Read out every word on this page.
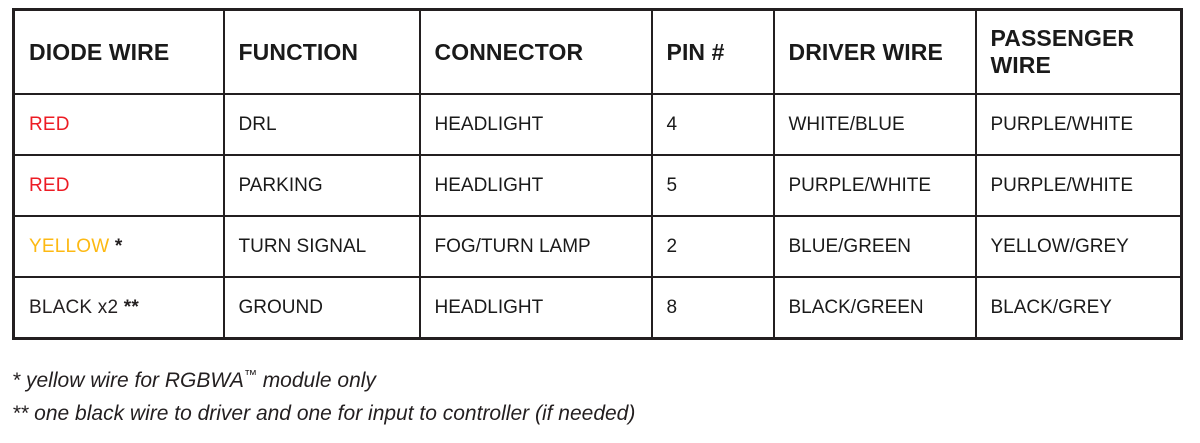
DIODE WIRE	FUNCTION	CONNECTOR	PIN #	DRIVER WIRE	PASSENGER WIRE
RED	DRL	HEADLIGHT	4	WHITE/BLUE	PURPLE/WHITE
RED	PARKING	HEADLIGHT	5	PURPLE/WHITE	PURPLE/WHITE
YELLOW *	TURN SIGNAL	FOG/TURN LAMP	2	BLUE/GREEN	YELLOW/GREY
BLACK x2 **	GROUND	HEADLIGHT	8	BLACK/GREEN	BLACK/GREY
* yellow wire for RGBWA™ module only
** one black wire to driver and one for input to controller (if needed)
